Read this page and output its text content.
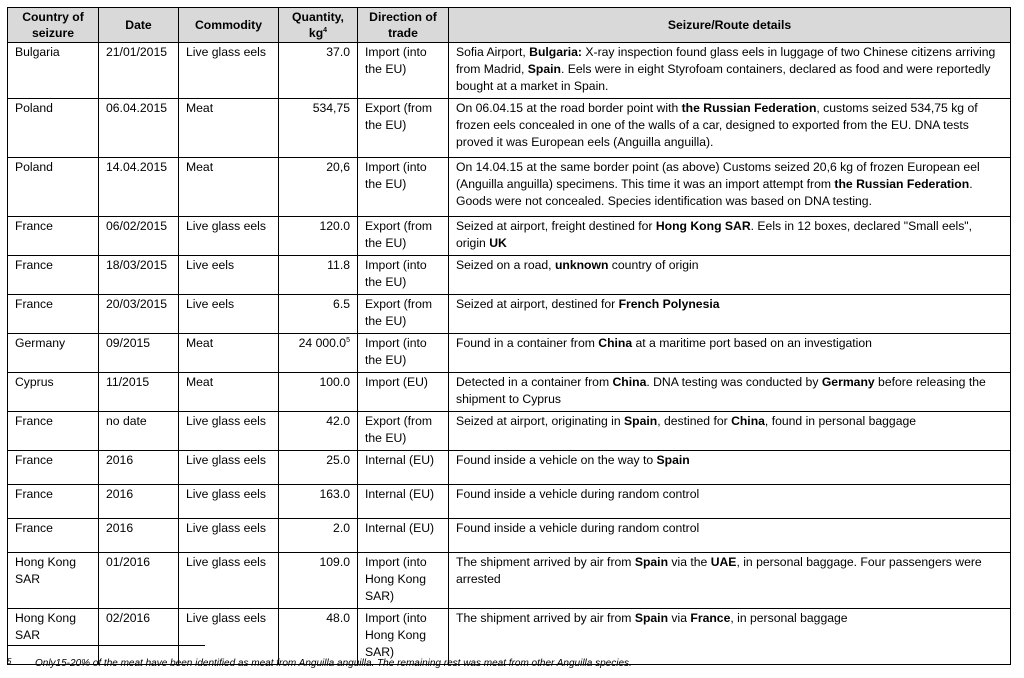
Country of seizure	Date	Commodity	Quantity, $kg^4$	Direction of trade	Seizure/Route details
Bulgaria	21/01/2015	Live glass eels	37.0	Import (into the EU)	Sofia Airport, Bulgaria: X-ray inspection found glass eels in luggage of two Chinese citizens arriving from Madrid, Spain. Eels were in eight Styrofoam containers, declared as food and were reportedly bought at a market in Spain.
Poland	06.04.2015	Meat	534,75	Export (from the EU)	On 06.04.15 at the road border point with the Russian Federation, customs seized 534,75 kg of frozen eels concealed in one of the walls of a car, designed to exported from the EU. DNA tests proved it was European eels (Anguilla anguilla).
Poland	14.04.2015	Meat	20,6	Import (into the EU)	On 14.04.15 at the same border point (as above) Customs seized 20,6 kg of frozen European eel (Anguilla anguilla) specimens. This time it was an import attempt from the Russian Federation. Goods were not concealed. Species identification was based on DNA testing.
France	06/02/2015	Live glass eels	120.0	Export (from the EU)	Seized at airport, freight destined for Hong Kong SAR. Eels in 12 boxes, declared "Small eels", origin UK
France	18/03/2015	Live eels	11.8	Import (into the EU)	Seized on a road, unknown country of origin
France	20/03/2015	Live eels	6.5	Export (from the EU)	Seized at airport, destined for French Polynesia
Germany	09/2015	Meat	24 000.0$^5$	Import (into the EU)	Found in a container from China at a maritime port based on an investigation
Cyprus	11/2015	Meat	100.0	Import (EU)	Detected in a container from China. DNA testing was conducted by Germany before releasing the shipment to Cyprus
France	no date	Live glass eels	42.0	Export (from the EU)	Seized at airport, originating in Spain, destined for China, found in personal baggage
France	2016	Live glass eels	25.0	Internal (EU)	Found inside a vehicle on the way to Spain
France	2016	Live glass eels	163.0	Internal (EU)	Found inside a vehicle during random control
France	2016	Live glass eels	2.0	Internal (EU)	Found inside a vehicle during random control
Hong Kong SAR	01/2016	Live glass eels	109.0	Import (into Hong Kong SAR)	The shipment arrived by air from Spain via the UAE, in personal baggage. Four passengers were arrested
Hong Kong SAR	02/2016	Live glass eels	48.0	Import (into Hong Kong SAR)	The shipment arrived by air from Spain via France, in personal baggage
5 Only15-20% of the meat have been identified as meat from Anguilla anguilla. The remaining rest was meat from other Anguilla species.
